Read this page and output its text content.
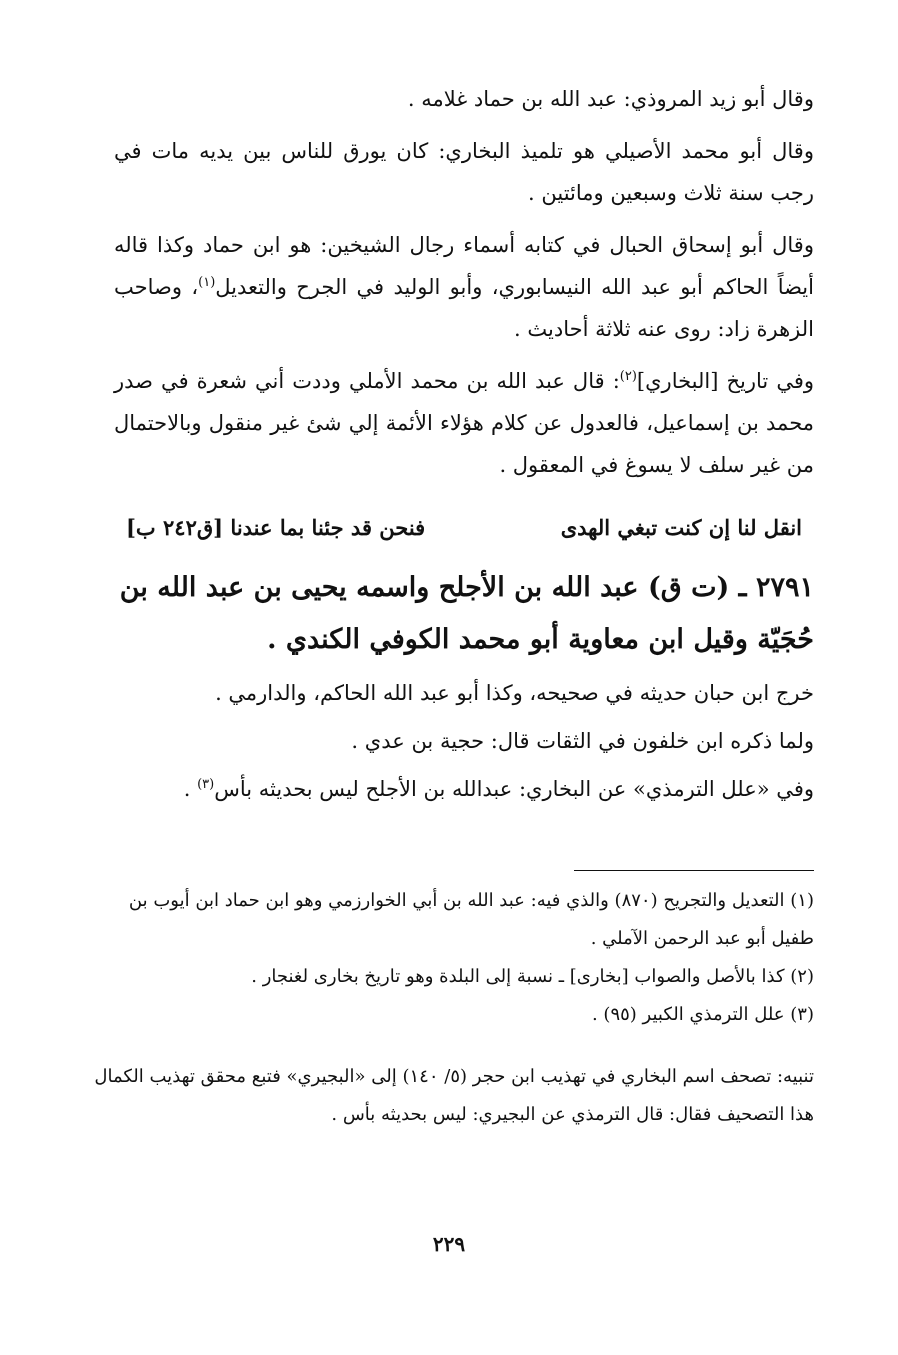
وقال أبو زيد المروذي: عبد الله بن حماد غلامه .

وقال أبو محمد الأصيلي هو تلميذ البخاري: كان يورق للناس بين يديه مات في رجب سنة ثلاث وسبعين ومائتين .

وقال أبو إسحاق الحبال في كتابه أسماء رجال الشيخين: هو ابن حماد وكذا قاله أيضاً الحاكم أبو عبد الله النيسابوري، وأبو الوليد في الجرح والتعديل$^{(١)}$، وصاحب الزهرة زاد: روى عنه ثلاثة أحاديث .

وفي تاريخ [البخاري]$^{(٢)}$: قال عبد الله بن محمد الأملي وددت أني شعرة في صدر محمد بن إسماعيل، فالعدول عن كلام هؤلاء الأئمة إلي شئ غير منقول وبالاحتمال من غير سلف لا يسوغ في المعقول .

انقل لنا إن كنت تبغي الهدى
فنحن قد جئنا بما عندنا [ق٢٤٢ ب]
٢٧٩١ ـ (ت ق) عبد الله بن الأجلح واسمه يحيى بن عبد الله بن حُجَيّة وقيل ابن معاوية أبو محمد الكوفي الكندي .

خرج ابن حبان حديثه في صحيحه، وكذا أبو عبد الله الحاكم، والدارمي .

ولما ذكره ابن خلفون في الثقات قال: حجية بن عدي .

وفي «علل الترمذي» عن البخاري: عبدالله بن الأجلح ليس بحديثه بأس$^{(٣)}$ .

(١) التعديل والتجريح (٨٧٠) والذي فيه: عبد الله بن أبي الخوارزمي وهو ابن حماد ابن أيوب بن طفيل أبو عبد الرحمن الآملي .

(٢) كذا بالأصل والصواب [بخارى] ـ نسبة إلى البلدة وهو تاريخ بخارى لغنجار .

(٣) علل الترمذي الكبير (٩٥) .

تنبيه: تصحف اسم البخاري في تهذيب ابن حجر (٥/ ١٤٠) إلى «البجيري» فتبع محقق تهذيب الكمال هذا التصحيف فقال: قال الترمذي عن البجيري: ليس بحديثه بأس .

٢٢٩
